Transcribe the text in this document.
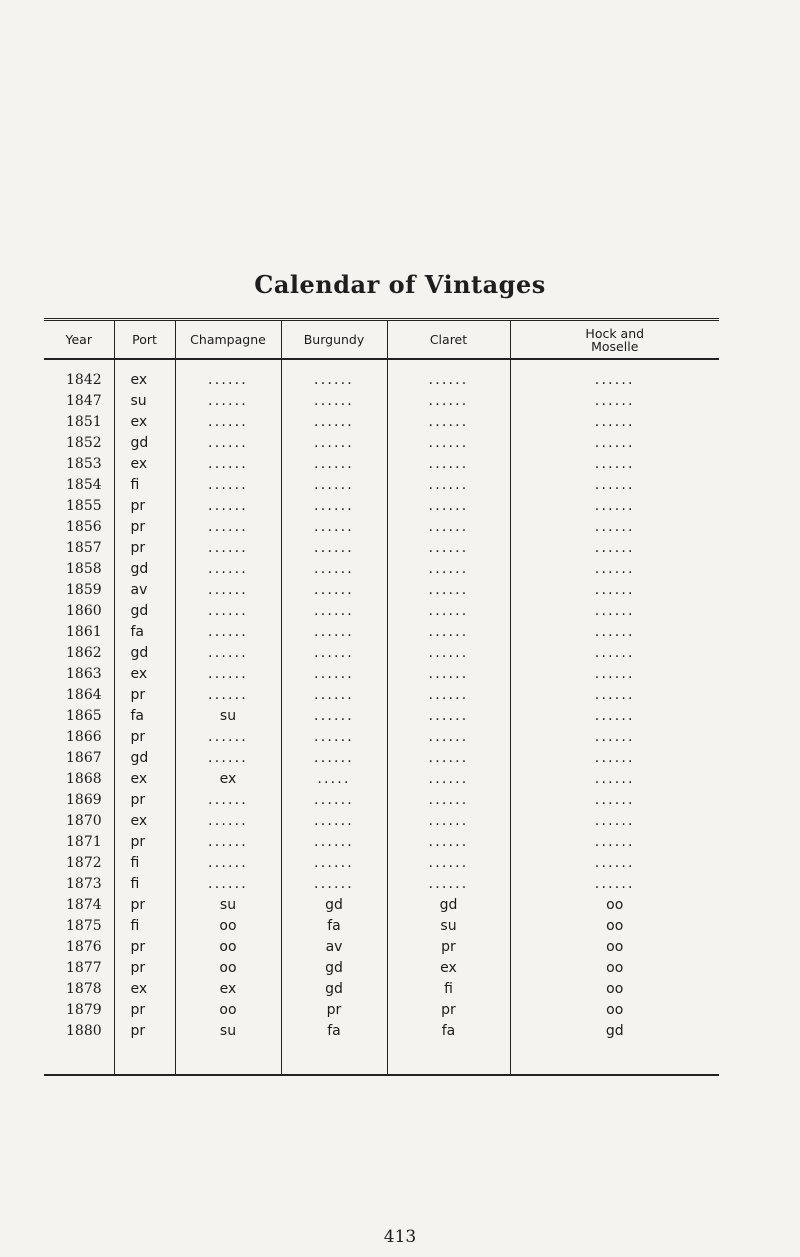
Calendar of Vintages
Year	Port	Champagne	Burgundy	Claret	Hock and Moselle
1842	ex	......	......	......	......
1847	su	......	......	......	......
1851	ex	......	......	......	......
1852	gd	......	......	......	......
1853	ex	......	......	......	......
1854	fi	......	......	......	......
1855	pr	......	......	......	......
1856	pr	......	......	......	......
1857	pr	......	......	......	......
1858	gd	......	......	......	......
1859	av	......	......	......	......
1860	gd	......	......	......	......
1861	fa	......	......	......	......
1862	gd	......	......	......	......
1863	ex	......	......	......	......
1864	pr	......	......	......	......
1865	fa	su	......	......	......
1866	pr	......	......	......	......
1867	gd	......	......	......	......
1868	ex	ex	.....	......	......
1869	pr	......	......	......	......
1870	ex	......	......	......	......
1871	pr	......	......	......	......
1872	fi	......	......	......	......
1873	fi	......	......	......	......
1874	pr	su	gd	gd	oo
1875	fi	oo	fa	su	oo
1876	pr	oo	av	pr	oo
1877	pr	oo	gd	ex	oo
1878	ex	ex	gd	fi	oo
1879	pr	oo	pr	pr	oo
1880	pr	su	fa	fa	gd
413
